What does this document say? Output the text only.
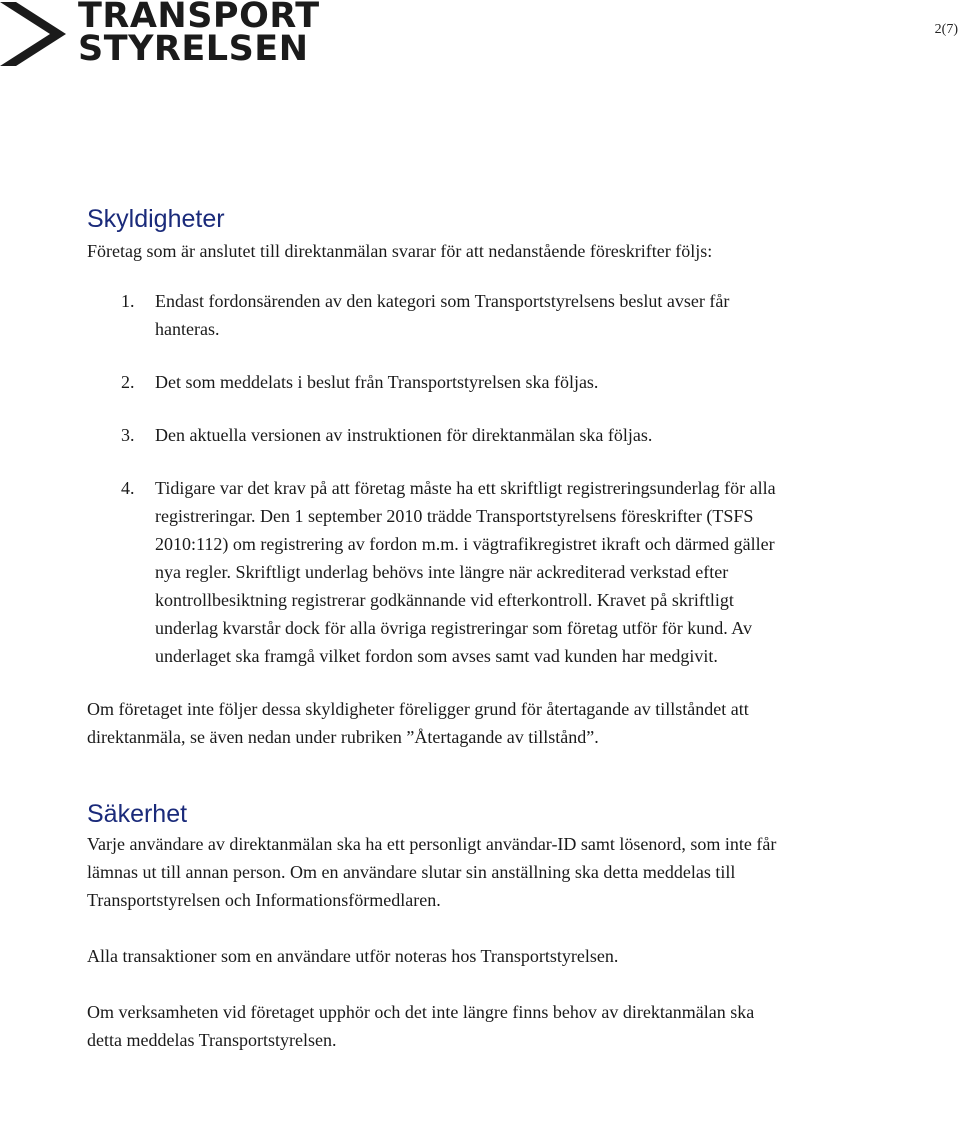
TRANSPORT
STYRELSEN	2(7)
Skyldigheter

Företag som är anslutet till direktanmälan svarar för att nedanstående föreskrifter följs:

1. Endast fordonsärenden av den kategori som Transportstyrelsens beslut avser får hanteras.
2. Det som meddelats i beslut från Transportstyrelsen ska följas.
3. Den aktuella versionen av instruktionen för direktanmälan ska följas.
4. Tidigare var det krav på att företag måste ha ett skriftligt registreringsunderlag för alla registreringar. Den 1 september 2010 trädde Transportstyrelsens föreskrifter (TSFS 2010:112) om registrering av fordon m.m. i vägtrafikregistret ikraft och därmed gäller nya regler. Skriftligt underlag behövs inte längre när ackrediterad verkstad efter kontrollbesiktning registrerar godkännande vid efterkontroll. Kravet på skriftligt underlag kvarstår dock för alla övriga registreringar som företag utför för kund. Av underlaget ska framgå vilket fordon som avses samt vad kunden har medgivit.

Om företaget inte följer dessa skyldigheter föreligger grund för återtagande av tillståndet att direktanmäla, se även nedan under rubriken ”Återtagande av tillstånd”.

Säkerhet

Varje användare av direktanmälan ska ha ett personligt användar-ID samt lösenord, som inte får lämnas ut till annan person. Om en användare slutar sin anställning ska detta meddelas till Transportstyrelsen och Informationsförmedlaren.

Alla transaktioner som en användare utför noteras hos Transportstyrelsen.

Om verksamheten vid företaget upphör och det inte längre finns behov av direktanmälan ska detta meddelas Transportstyrelsen.
